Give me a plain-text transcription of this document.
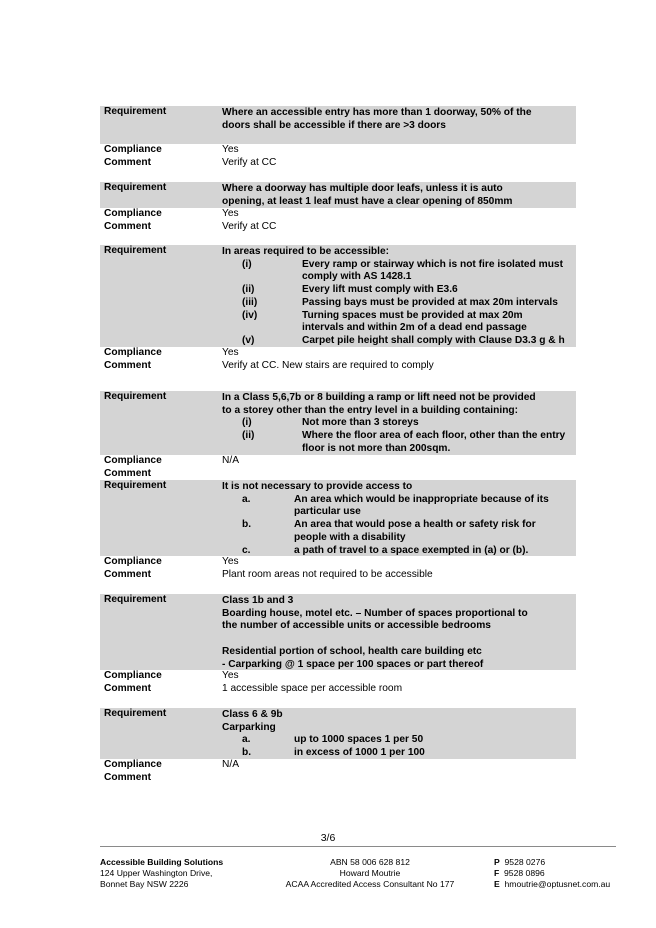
Requirement	Where an accessible entry has more than 1 doorway, 50% of the
doors shall be accessible if there are >3 doors
Compliance	Yes
Comment	Verify at CC
Requirement	Where a doorway has multiple door leafs, unless it is auto
opening, at least 1 leaf must have a clear opening of 850mm
Compliance	Yes
Comment	Verify at CC
Requirement	In areas required to be accessible:
(i)	Every ramp or stairway which is not fire isolated must
comply with AS 1428.1
(ii)	Every lift must comply with E3.6
(iii)	Passing bays must be provided at max 20m intervals
(iv)	Turning spaces must be provided at max 20m
intervals and within 2m of a dead end passage
(v)	Carpet pile height shall comply with Clause D3.3 g & h
Compliance	Yes
Comment	Verify at CC. New stairs are required to comply
Requirement	In a Class 5,6,7b or 8 building a ramp or lift need not be provided
to a storey other than the entry level in a building containing:
(i)	Not more than 3 storeys
(ii)	Where the floor area of each floor, other than the entry
floor is not more than 200sqm.
Compliance	N/A
Comment
Requirement	It is not necessary to provide access to
a.	An area which would be inappropriate because of its
particular use
b.	An area that would pose a health or safety risk for
people with a disability
c.	a path of travel to a space exempted in (a) or (b).
Compliance	Yes
Comment	Plant room areas not required to be accessible
Requirement	Class 1b and 3
Boarding house, motel etc. – Number of spaces proportional to
the number of accessible units or accessible bedrooms
Residential portion of school, health care building etc
- Carparking @ 1 space per 100 spaces or part thereof
Compliance	Yes
Comment	1 accessible space per accessible room
Requirement	Class 6 & 9b
Carparking
a.	up to 1000 spaces 1 per 50
b.	in excess of 1000 1 per 100
Compliance	N/A
Comment
3/6
Accessible Building Solutions
124 Upper Washington Drive,
Bonnet Bay NSW 2226
ABN 58 006 628 812
Howard Moutrie
ACAA Accredited Access Consultant No 177
P 9528 0276
F 9528 0896
E hmoutrie@optusnet.com.au
